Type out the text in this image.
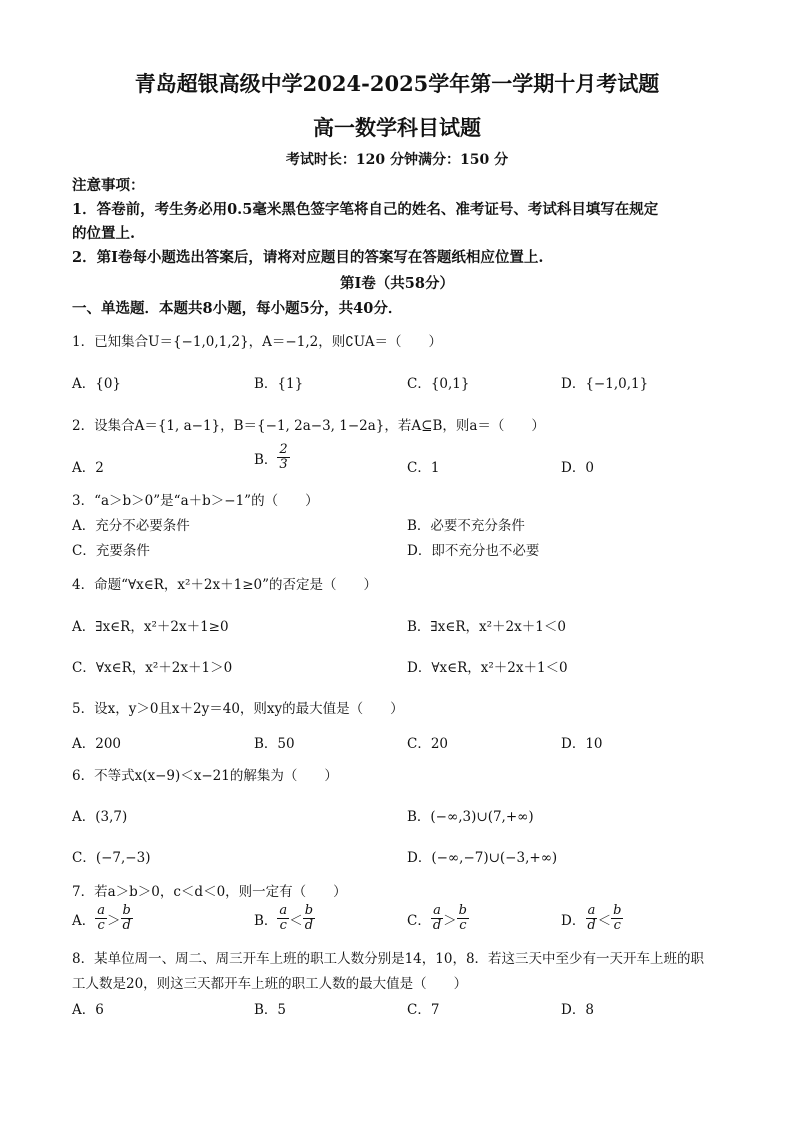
青岛超银高级中学2024-2025学年第一学期十月考试题
高一数学科目试题
考试时长：120 分钟满分：150 分
注意事项：
1．答卷前，考生务必用0.5毫米黑色签字笔将自己的姓名、准考证号、考试科目填写在规定
的位置上.
2．第Ⅰ卷每小题选出答案后，请将对应题目的答案写在答题纸相应位置上.
第Ⅰ卷（共58分）
一、单选题．本题共8小题，每小题5分，共40分．
1．已知集合U＝{−1,0,1,2}，A＝−1,2，则∁UA＝（　　）
A．{0}	B．{1}	C．{0,1}	D．{−1,0,1}
2．设集合A＝{1, a−1}，B＝{−1, 2a−3, 1−2a}，若A⊆B，则a＝（　　）
A．2
B． $\frac{2}{3}$	C．1	D．0
3．“a＞b＞0”是“a＋b＞−1”的（　　）
A．充分不必要条件	B．必要不充分条件
C．充要条件	D．即不充分也不必要
4．命题“∀x∈R，x²＋2x＋1≥0”的否定是（　　）
A．∃x∈R，x²＋2x＋1≥0	B．∃x∈R，x²＋2x＋1＜0
C．∀x∈R，x²＋2x＋1＞0	D．∀x∈R，x²＋2x＋1＜0
5．设x，y＞0且x＋2y＝40，则xy的最大值是（　　）
A．200	B．50	C．20	D．10
6．不等式x(x−9)＜x−21的解集为（　　）
A．(3,7)	B．(−∞,3)∪(7,+∞)
C．(−7,−3)	D．(−∞,−7)∪(−3,+∞)
7．若a＞b＞0，c＜d＜0，则一定有（　　）
A． $\frac{a}{c} > \frac{b}{d}$	B． $\frac{a}{c} < \frac{b}{d}$	C． $\frac{a}{d} > \frac{b}{c}$	D． $\frac{a}{d} < \frac{b}{c}$
8．某单位周一、周二、周三开车上班的职工人数分别是14，10，8．若这三天中至少有一天开车上班的职
工人数是20，则这三天都开车上班的职工人数的最大值是（　　）
A．6	B．5	C．7	D．8
